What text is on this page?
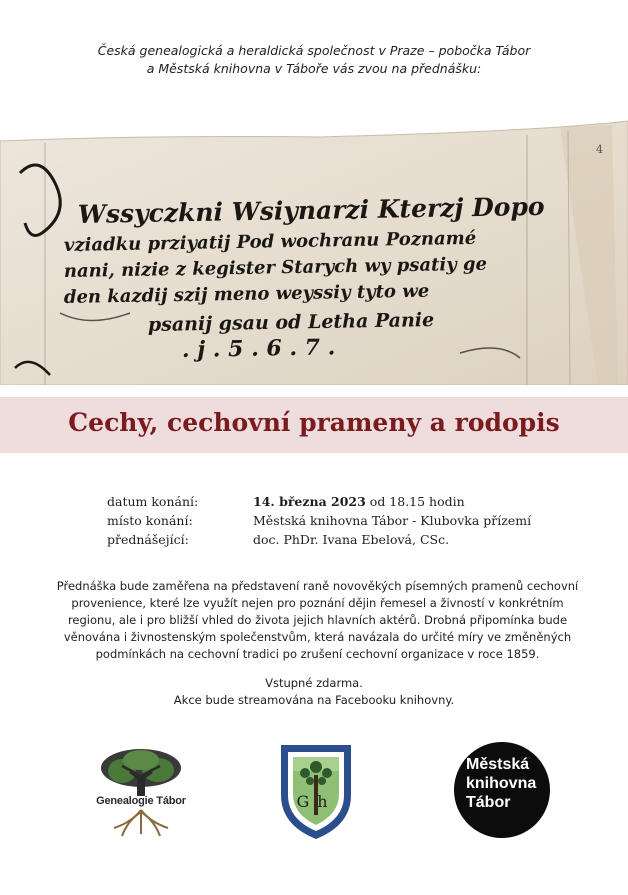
Česká genealogická a heraldická společnost v Praze – pobočka Tábor
a Městská knihovna v Táboře vás zvou na přednášku:
4
Wssyczkni Wsiynarzi Kterzj Dopo
vziadku prziyatij Pod wochranu Poznamé
nani, nizie z kegister Starych wy psatiy ge
den kazdij szij meno weyssiy tyto we
psanij gsau od Letha Panie
. j . 5 . 6 . 7 .
Cechy, cechovní prameny a rodopis
datum konání:	14. března 2023 od 18.15 hodin
místo konání:	Městská knihovna Tábor - Klubovka přízemí
přednášející:	doc. PhDr. Ivana Ebelová, CSc.
Přednáška bude zaměřena na představení raně novověkých písemných pramenů cechovní
provenience, které lze využít nejen pro poznání dějin řemesel a živností v konkrétním
regionu, ale i pro bližší vhled do života jejich hlavních aktérů. Drobná připomínka bude
věnována i živnostenským společenstvům, která navázala do určité míry ve změněných
podmínkách na cechovní tradici po zrušení cechovní organizace v roce 1859.
Vstupné zdarma.
Akce bude streamována na Facebooku knihovny.
Genealogie Tábor	Gh
Městská
knihovna
Tábor
